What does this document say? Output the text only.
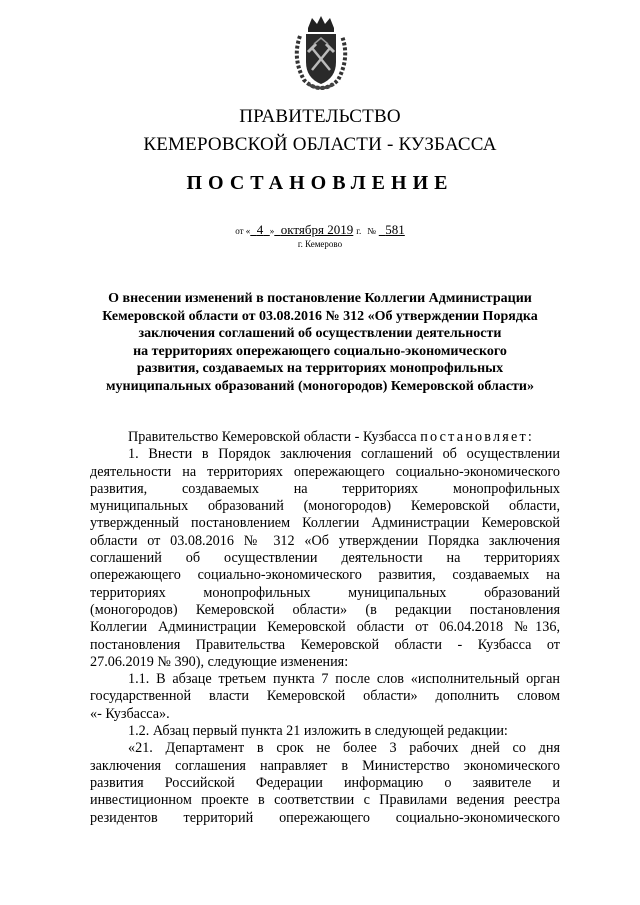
ПРАВИТЕЛЬСТВО
КЕМЕРОВСКОЙ ОБЛАСТИ - КУЗБАССА
ПОСТАНОВЛЕНИЕ
от « 4 » октября 2019 г. № 581
г. Кемерово
О внесении изменений в постановление Коллегии Администрации
Кемеровской области от 03.08.2016 № 312 «Об утверждении Порядка
заключения соглашений об осуществлении деятельности
на территориях опережающего социально-экономического
развития, создаваемых на территориях монопрофильных
муниципальных образований (моногородов) Кемеровской области»
Правительство Кемеровской области - Кузбасса постановляет:
1. Внести в Порядок заключения соглашений об осуществлении
деятельности на территориях опережающего социально-экономического
развития, создаваемых на территориях монопрофильных
муниципальных образований (моногородов) Кемеровской области,
утвержденный постановлением Коллегии Администрации Кемеровской
области от 03.08.2016 № 312 «Об утверждении Порядка заключения
соглашений об осуществлении деятельности на территориях
опережающего социально-экономического развития, создаваемых на
территориях монопрофильных муниципальных образований
(моногородов) Кемеровской области» (в редакции постановления
Коллегии Администрации Кемеровской области от 06.04.2018 №136,
постановления Правительства Кемеровской области - Кузбасса от
27.06.2019 № 390), следующие изменения:
1.1. В абзаце третьем пункта 7 после слов «исполнительный орган
государственной власти Кемеровской области» дополнить словом
«- Кузбасса».
1.2. Абзац первый пункта 21 изложить в следующей редакции:
«21. Департамент в срок не более 3 рабочих дней со дня
заключения соглашения направляет в Министерство экономического
развития Российской Федерации информацию о заявителе и
инвестиционном проекте в соответствии с Правилами ведения реестра
резидентов территорий опережающего социально-экономического
